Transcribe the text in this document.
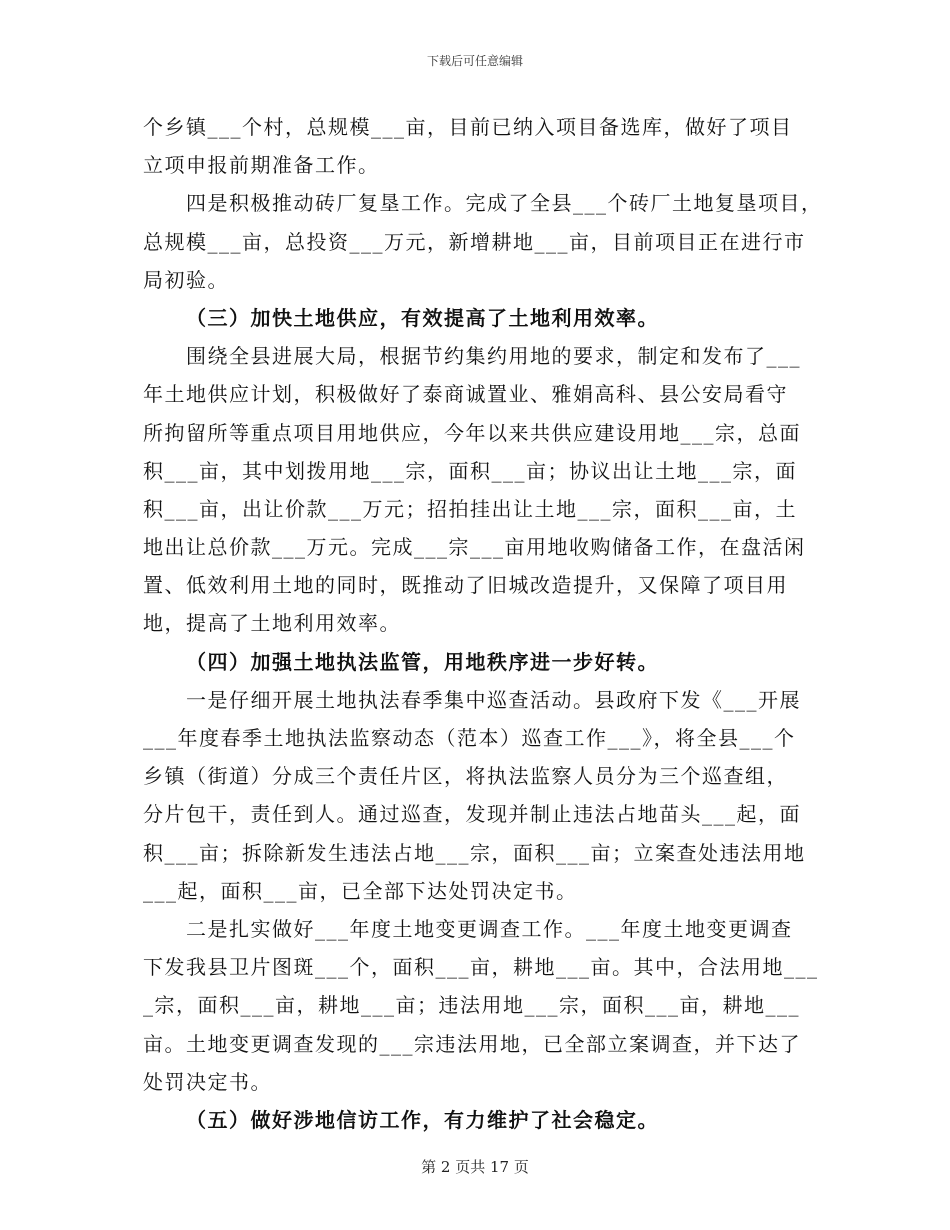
下载后可任意编辑
个乡镇___个村，总规模___亩，目前已纳入项目备选库，做好了项目
立项申报前期准备工作。
四是积极推动砖厂复垦工作。完成了全县___个砖厂土地复垦项目，
总规模___亩，总投资___万元，新增耕地___亩，目前项目正在进行市
局初验。
（三）加快土地供应，有效提高了土地利用效率。
围绕全县进展大局，根据节约集约用地的要求，制定和发布了___
年土地供应计划，积极做好了泰商诚置业、雅娟高科、县公安局看守
所拘留所等重点项目用地供应，今年以来共供应建设用地___宗，总面
积___亩，其中划拨用地___宗，面积___亩；协议出让土地___宗，面
积___亩，出让价款___万元；招拍挂出让土地___宗，面积___亩，土
地出让总价款___万元。完成___宗___亩用地收购储备工作，在盘活闲
置、低效利用土地的同时，既推动了旧城改造提升，又保障了项目用
地，提高了土地利用效率。
（四）加强土地执法监管，用地秩序进一步好转。
一是仔细开展土地执法春季集中巡查活动。县政府下发《___开展
___年度春季土地执法监察动态（范本）巡查工作___》，将全县___个
乡镇（街道）分成三个责任片区，将执法监察人员分为三个巡查组，
分片包干，责任到人。通过巡查，发现并制止违法占地苗头___起，面
积___亩；拆除新发生违法占地___宗，面积___亩；立案查处违法用地
___起，面积___亩，已全部下达处罚决定书。
二是扎实做好___年度土地变更调查工作。___年度土地变更调查
下发我县卫片图斑___个，面积___亩，耕地___亩。其中，合法用地___
_宗，面积___亩，耕地___亩；违法用地___宗，面积___亩，耕地___
亩。土地变更调查发现的___宗违法用地，已全部立案调查，并下达了
处罚决定书。
（五）做好涉地信访工作，有力维护了社会稳定。
第 2 页共 17 页
